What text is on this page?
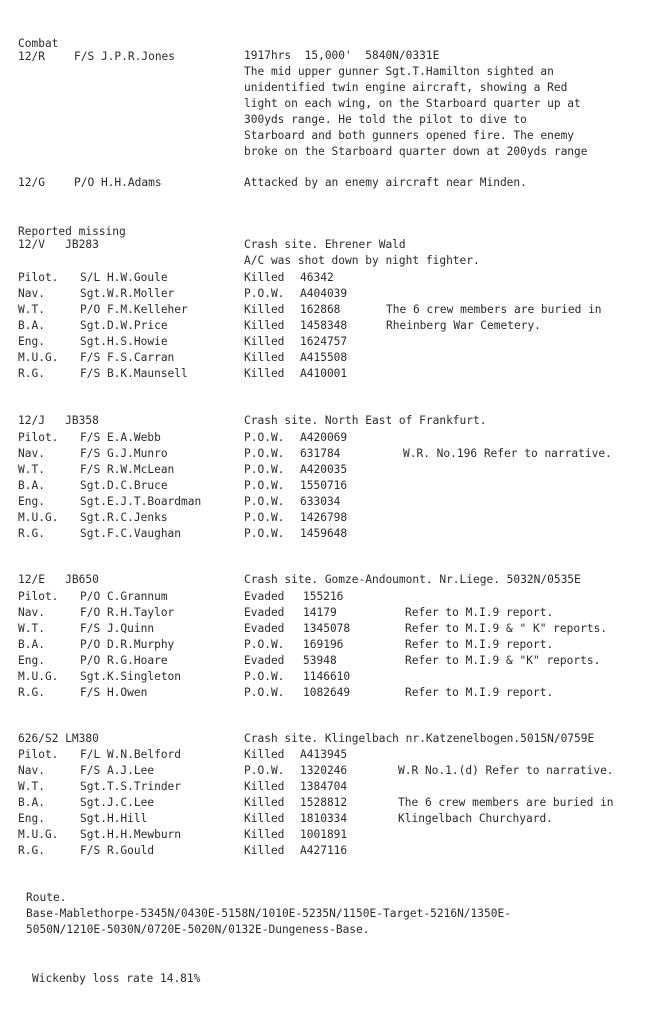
Combat
12/R	F/S J.P.R.Jones	1917hrs  15,000'  5840N/0331E
The mid upper gunner Sgt.T.Hamilton sighted an
unidentified twin engine aircraft, showing a Red
light on each wing, on the Starboard quarter up at
300yds range. He told the pilot to dive to
Starboard and both gunners opened fire. The enemy
broke on the Starboard quarter down at 200yds range
12/G	P/O H.H.Adams	Attacked by an enemy aircraft near Minden.
Reported missing
12/V   JB283	Crash site. Ehrener Wald
A/C was shot down by night fighter.
Pilot. S/L H.W.Goule	Killed 46342
Nav.	Sgt.W.R.Moller	P.O.W. A404039
W.T.	P/O F.M.Kelleher	Killed 162868	The 6 crew members are buried in
B.A.	Sgt.D.W.Price	Killed 1458348	Rheinberg War Cemetery.
Eng.	Sgt.H.S.Howie	Killed 1624757
M.U.G. F/S F.S.Carran	Killed A415508
R.G.	F/S B.K.Maunsell	Killed A410001
12/J   JB358	Crash site. North East of Frankfurt.
Pilot. F/S E.A.Webb	P.O.W. A420069
Nav.	F/S G.J.Munro	P.O.W. 631784	W.R. No.196 Refer to narrative.
W.T.	F/S R.W.McLean	P.O.W. A420035
B.A.	Sgt.D.C.Bruce	P.O.W. 1550716
Eng.	Sgt.E.J.T.Boardman	P.O.W. 633034
M.U.G. Sgt.R.C.Jenks	P.O.W. 1426798
R.G.	Sgt.F.C.Vaughan	P.O.W. 1459648
12/E   JB650	Crash site. Gomze-Andoumont. Nr.Liege. 5032N/0535E
Pilot. P/O C.Grannum	Evaded 155216
Nav.	F/O R.H.Taylor	Evaded 14179	Refer to M.I.9 report.
W.T.	F/S J.Quinn	Evaded 1345078	Refer to M.I.9 & " K" reports.
B.A.	P/O D.R.Murphy	P.O.W. 169196	Refer to M.I.9 report.
Eng.	P/O R.G.Hoare	Evaded 53948	Refer to M.I.9 & "K" reports.
M.U.G. Sgt.K.Singleton	P.O.W. 1146610
R.G.	F/S H.Owen	P.O.W. 1082649	Refer to M.I.9 report.
626/S2 LM380	Crash site. Klingelbach nr.Katzenelbogen.5015N/0759E
Pilot. F/L W.N.Belford	Killed A413945
Nav.	F/S A.J.Lee	P.O.W. 1320246	W.R No.1.(d) Refer to narrative.
W.T.	Sgt.T.S.Trinder	Killed 1384704
B.A.	Sgt.J.C.Lee	Killed 1528812	The 6 crew members are buried in
Eng.	Sgt.H.Hill	Killed 1810334	Klingelbach Churchyard.
M.U.G. Sgt.H.H.Mewburn	Killed 1001891
R.G.	F/S R.Gould	Killed A427116
Route.
Base-Mablethorpe-5345N/0430E-5158N/1010E-5235N/1150E-Target-5216N/1350E-
5050N/1210E-5030N/0720E-5020N/0132E-Dungeness-Base.
Wickenby loss rate 14.81%
